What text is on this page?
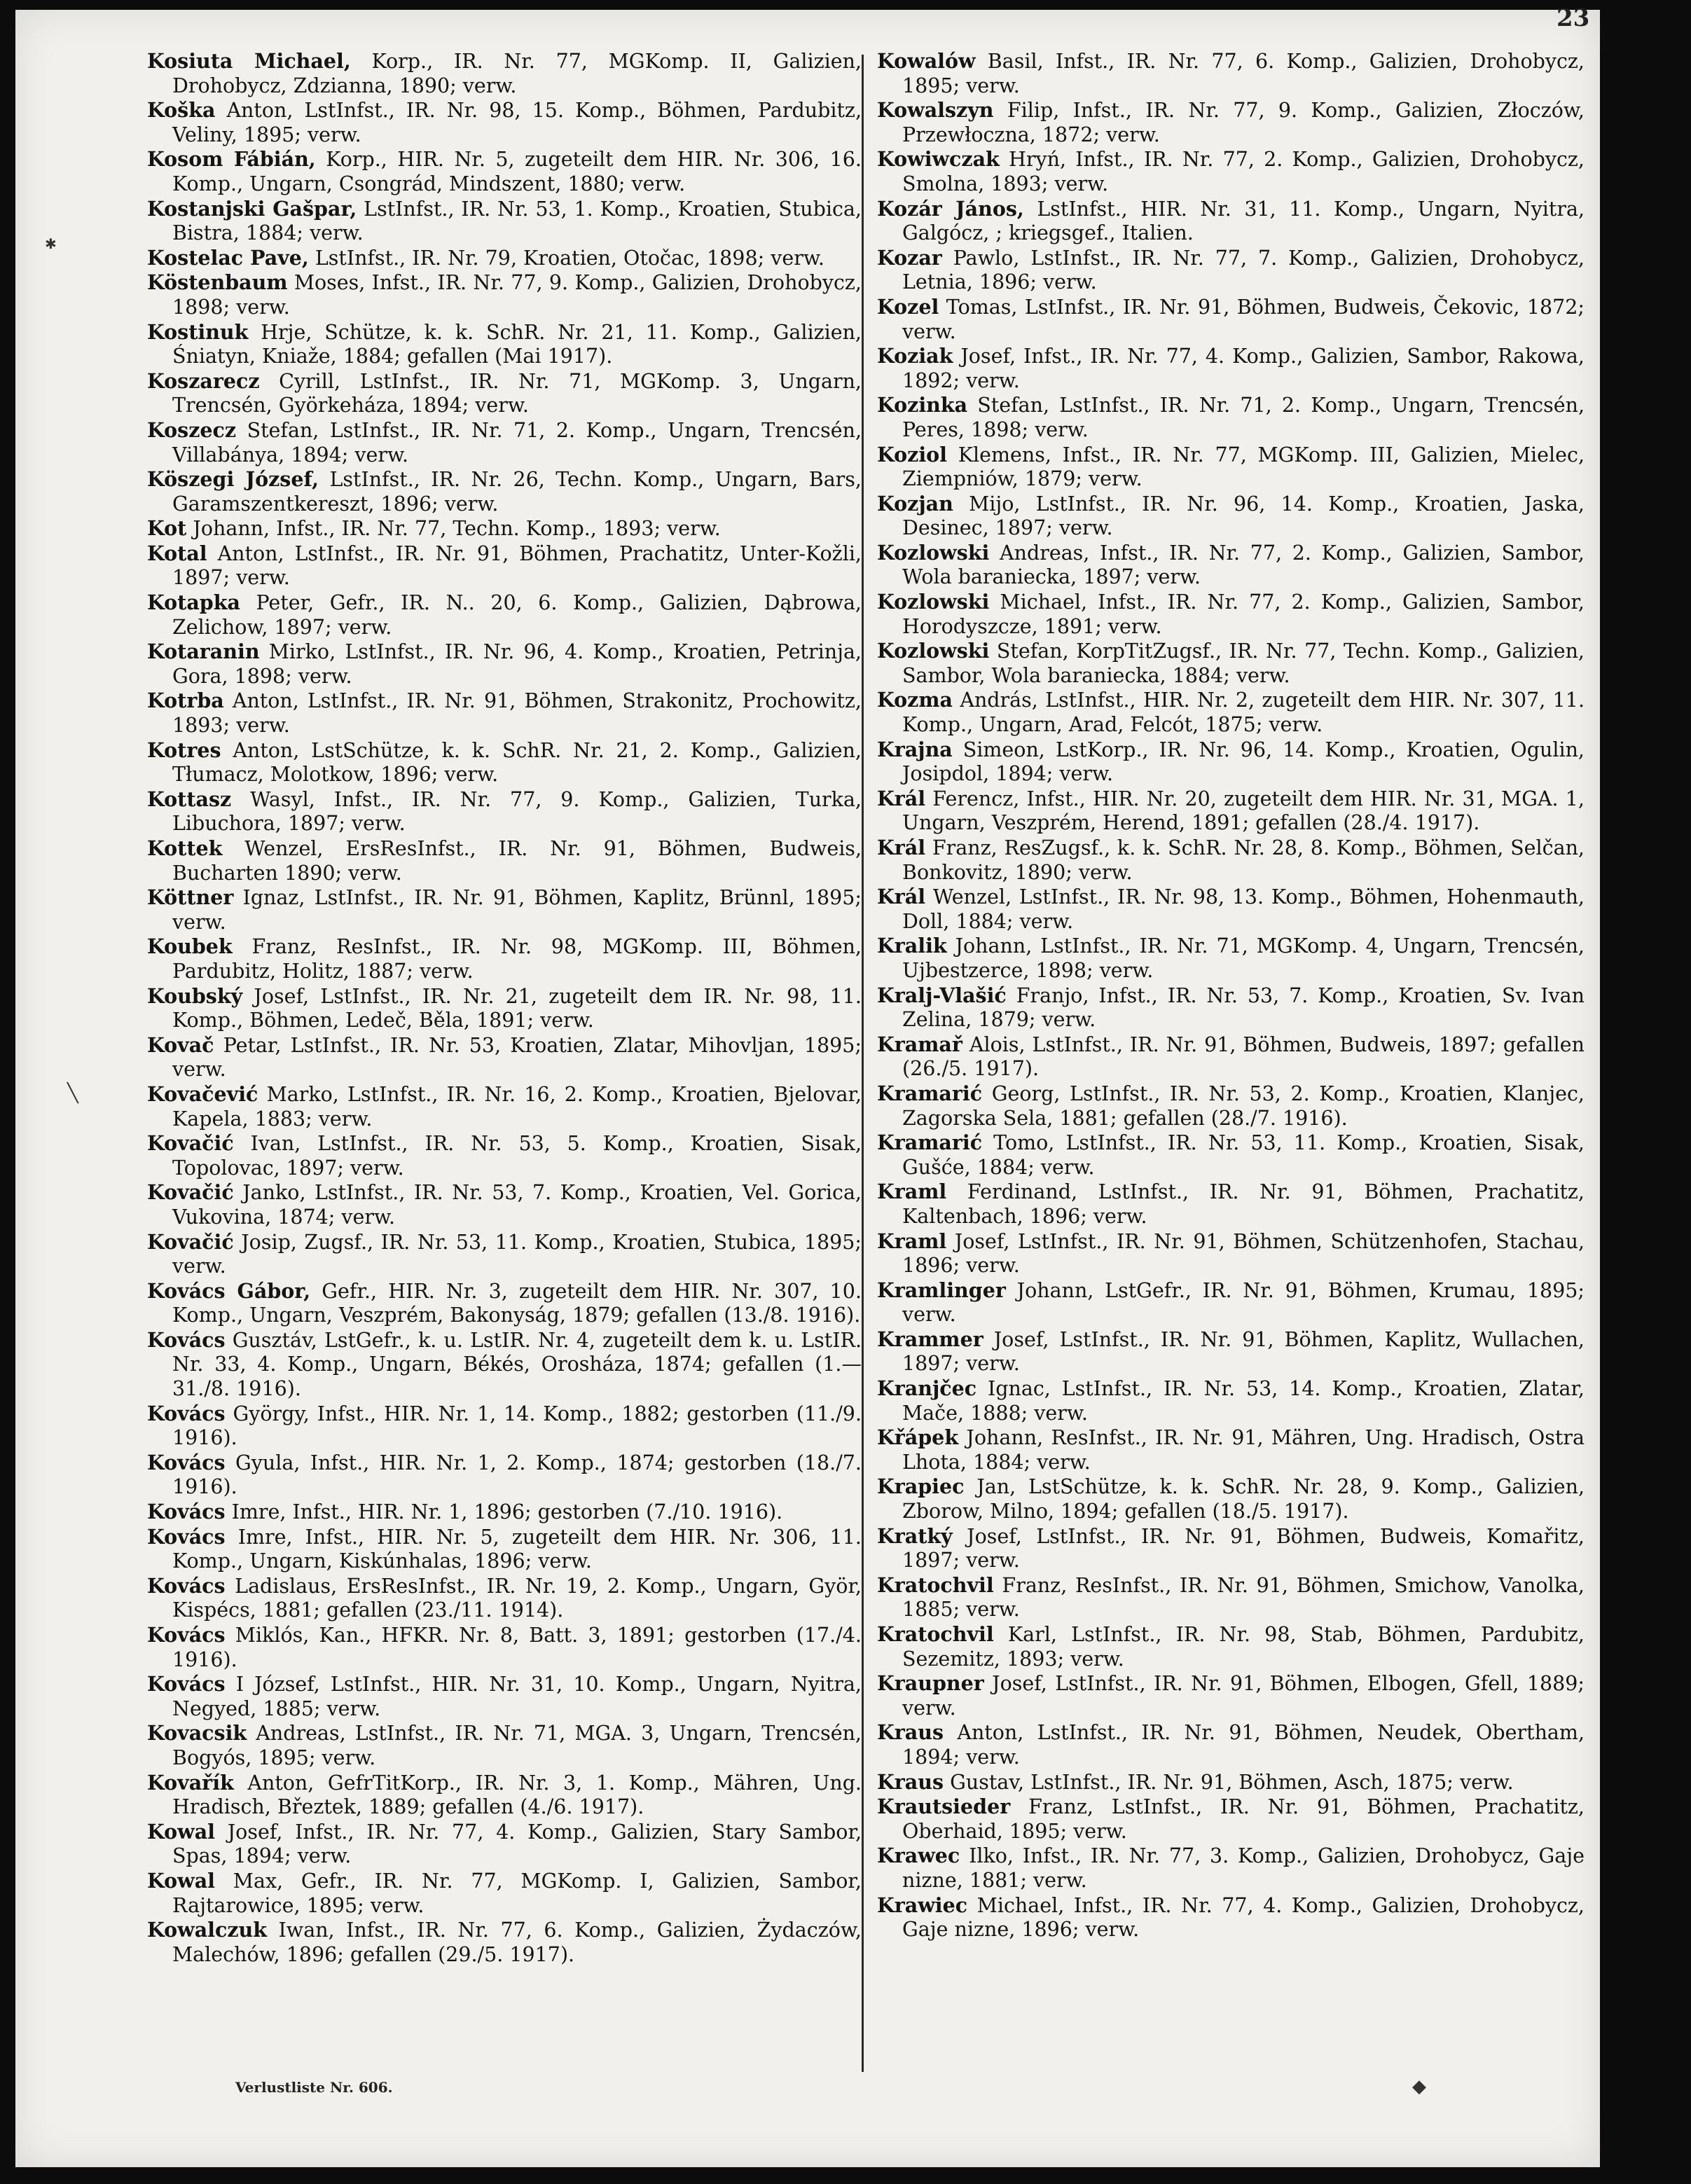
23
Kosiuta Michael, Korp., IR. Nr. 77, MGKomp. II, Galizien, Drohobycz, Zdzianna, 1890; verw.
Koška Anton, LstInfst., IR. Nr. 98, 15. Komp., Böhmen, Pardubitz, Veliny, 1895; verw.
Kosom Fábián, Korp., HIR. Nr. 5, zugeteilt dem HIR. Nr. 306, 16. Komp., Ungarn, Csongrád, Mindszent, 1880; verw.
Kostanjski Gašpar, LstInfst., IR. Nr. 53, 1. Komp., Kroatien, Stubica, Bistra, 1884; verw.
Kostelac Pave, LstInfst., IR. Nr. 79, Kroatien, Otočac, 1898; verw.
Köstenbaum Moses, Infst., IR. Nr. 77, 9. Komp., Galizien, Drohobycz, 1898; verw.
Kostinuk Hrje, Schütze, k. k. SchR. Nr. 21, 11. Komp., Galizien, Śniatyn, Kniaže, 1884; gefallen (Mai 1917).
Koszarecz Cyrill, LstInfst., IR. Nr. 71, MGKomp. 3, Ungarn, Trencsén, Györkeháza, 1894; verw.
Koszecz Stefan, LstInfst., IR. Nr. 71, 2. Komp., Ungarn, Trencsén, Villabánya, 1894; verw.
Köszegi József, LstInfst., IR. Nr. 26, Techn. Komp., Ungarn, Bars, Garamszentkereszt, 1896; verw.
Kot Johann, Infst., IR. Nr. 77, Techn. Komp., 1893; verw.
Kotal Anton, LstInfst., IR. Nr. 91, Böhmen, Prachatitz, Unter-Kožli, 1897; verw.
Kotapka Peter, Gefr., IR. N.. 20, 6. Komp., Galizien, Dąbrowa, Zelichow, 1897; verw.
Kotaranin Mirko, LstInfst., IR. Nr. 96, 4. Komp., Kroatien, Petrinja, Gora, 1898; verw.
Kotrba Anton, LstInfst., IR. Nr. 91, Böhmen, Strakonitz, Prochowitz, 1893; verw.
Kotres Anton, LstSchütze, k. k. SchR. Nr. 21, 2. Komp., Galizien, Tłumacz, Molotkow, 1896; verw.
Kottasz Wasyl, Infst., IR. Nr. 77, 9. Komp., Galizien, Turka, Libuchora, 1897; verw.
Kottek Wenzel, ErsResInfst., IR. Nr. 91, Böhmen, Budweis, Bucharten 1890; verw.
Köttner Ignaz, LstInfst., IR. Nr. 91, Böhmen, Kaplitz, Brünnl, 1895; verw.
Koubek Franz, ResInfst., IR. Nr. 98, MGKomp. III, Böhmen, Pardubitz, Holitz, 1887; verw.
Koubský Josef, LstInfst., IR. Nr. 21, zugeteilt dem IR. Nr. 98, 11. Komp., Böhmen, Ledeč, Běla, 1891; verw.
Kovač Petar, LstInfst., IR. Nr. 53, Kroatien, Zlatar, Mihovljan, 1895; verw.
Kovačević Marko, LstInfst., IR. Nr. 16, 2. Komp., Kroatien, Bjelovar, Kapela, 1883; verw.
Kovačić Ivan, LstInfst., IR. Nr. 53, 5. Komp., Kroatien, Sisak, Topolovac, 1897; verw.
Kovačić Janko, LstInfst., IR. Nr. 53, 7. Komp., Kroatien, Vel. Gorica, Vukovina, 1874; verw.
Kovačić Josip, Zugsf., IR. Nr. 53, 11. Komp., Kroatien, Stubica, 1895; verw.
Kovács Gábor, Gefr., HIR. Nr. 3, zugeteilt dem HIR. Nr. 307, 10. Komp., Ungarn, Veszprém, Bakonyság, 1879; gefallen (13./8. 1916).
Kovács Gusztáv, LstGefr., k. u. LstIR. Nr. 4, zugeteilt dem k. u. LstIR. Nr. 33, 4. Komp., Ungarn, Békés, Orosháza, 1874; gefallen (1.—31./8. 1916).
Kovács György, Infst., HIR. Nr. 1, 14. Komp., 1882; gestorben (11./9. 1916).
Kovács Gyula, Infst., HIR. Nr. 1, 2. Komp., 1874; gestorben (18./7. 1916).
Kovács Imre, Infst., HIR. Nr. 1, 1896; gestorben (7./10. 1916).
Kovács Imre, Infst., HIR. Nr. 5, zugeteilt dem HIR. Nr. 306, 11. Komp., Ungarn, Kiskúnhalas, 1896; verw.
Kovács Ladislaus, ErsResInfst., IR. Nr. 19, 2. Komp., Ungarn, Györ, Kispécs, 1881; gefallen (23./11. 1914).
Kovács Miklós, Kan., HFKR. Nr. 8, Batt. 3, 1891; gestorben (17./4. 1916).
Kovács I József, LstInfst., HIR. Nr. 31, 10. Komp., Ungarn, Nyitra, Negyed, 1885; verw.
Kovacsik Andreas, LstInfst., IR. Nr. 71, MGA. 3, Ungarn, Trencsén, Bogyós, 1895; verw.
Kovařík Anton, GefrTitKorp., IR. Nr. 3, 1. Komp., Mähren, Ung. Hradisch, Březtek, 1889; gefallen (4./6. 1917).
Kowal Josef, Infst., IR. Nr. 77, 4. Komp., Galizien, Stary Sambor, Spas, 1894; verw.
Kowal Max, Gefr., IR. Nr. 77, MGKomp. I, Galizien, Sambor, Rajtarowice, 1895; verw.
Kowalczuk Iwan, Infst., IR. Nr. 77, 6. Komp., Galizien, Żydaczów, Malechów, 1896; gefallen (29./5. 1917).
Kowalów Basil, Infst., IR. Nr. 77, 6. Komp., Galizien, Drohobycz, 1895; verw.
Kowalszyn Filip, Infst., IR. Nr. 77, 9. Komp., Galizien, Złoczów, Przewłoczna, 1872; verw.
Kowiwczak Hryń, Infst., IR. Nr. 77, 2. Komp., Galizien, Drohobycz, Smolna, 1893; verw.
Kozár János, LstInfst., HIR. Nr. 31, 11. Komp., Ungarn, Nyitra, Galgócz, ; kriegsgef., Italien.
Kozar Pawlo, LstInfst., IR. Nr. 77, 7. Komp., Galizien, Drohobycz, Letnia, 1896; verw.
Kozel Tomas, LstInfst., IR. Nr. 91, Böhmen, Budweis, Čekovic, 1872; verw.
Koziak Josef, Infst., IR. Nr. 77, 4. Komp., Galizien, Sambor, Rakowa, 1892; verw.
Kozinka Stefan, LstInfst., IR. Nr. 71, 2. Komp., Ungarn, Trencsén, Peres, 1898; verw.
Koziol Klemens, Infst., IR. Nr. 77, MGKomp. III, Galizien, Mielec, Ziempniów, 1879; verw.
Kozjan Mijo, LstInfst., IR. Nr. 96, 14. Komp., Kroatien, Jaska, Desinec, 1897; verw.
Kozlowski Andreas, Infst., IR. Nr. 77, 2. Komp., Galizien, Sambor, Wola baraniecka, 1897; verw.
Kozlowski Michael, Infst., IR. Nr. 77, 2. Komp., Galizien, Sambor, Horodyszcze, 1891; verw.
Kozlowski Stefan, KorpTitZugsf., IR. Nr. 77, Techn. Komp., Galizien, Sambor, Wola baraniecka, 1884; verw.
Kozma András, LstInfst., HIR. Nr. 2, zugeteilt dem HIR. Nr. 307, 11. Komp., Ungarn, Arad, Felcót, 1875; verw.
Krajna Simeon, LstKorp., IR. Nr. 96, 14. Komp., Kroatien, Ogulin, Josipdol, 1894; verw.
Král Ferencz, Infst., HIR. Nr. 20, zugeteilt dem HIR. Nr. 31, MGA. 1, Ungarn, Veszprém, Herend, 1891; gefallen (28./4. 1917).
Král Franz, ResZugsf., k. k. SchR. Nr. 28, 8. Komp., Böhmen, Selčan, Bonkovitz, 1890; verw.
Král Wenzel, LstInfst., IR. Nr. 98, 13. Komp., Böhmen, Hohenmauth, Doll, 1884; verw.
Kralik Johann, LstInfst., IR. Nr. 71, MGKomp. 4, Ungarn, Trencsén, Ujbestzerce, 1898; verw.
Kralj-Vlašić Franjo, Infst., IR. Nr. 53, 7. Komp., Kroatien, Sv. Ivan Zelina, 1879; verw.
Kramař Alois, LstInfst., IR. Nr. 91, Böhmen, Budweis, 1897; gefallen (26./5. 1917).
Kramarić Georg, LstInfst., IR. Nr. 53, 2. Komp., Kroatien, Klanjec, Zagorska Sela, 1881; gefallen (28./7. 1916).
Kramarić Tomo, LstInfst., IR. Nr. 53, 11. Komp., Kroatien, Sisak, Gušće, 1884; verw.
Kraml Ferdinand, LstInfst., IR. Nr. 91, Böhmen, Prachatitz, Kaltenbach, 1896; verw.
Kraml Josef, LstInfst., IR. Nr. 91, Böhmen, Schützenhofen, Stachau, 1896; verw.
Kramlinger Johann, LstGefr., IR. Nr. 91, Böhmen, Krumau, 1895; verw.
Krammer Josef, LstInfst., IR. Nr. 91, Böhmen, Kaplitz, Wullachen, 1897; verw.
Kranjčec Ignac, LstInfst., IR. Nr. 53, 14. Komp., Kroatien, Zlatar, Mače, 1888; verw.
Křápek Johann, ResInfst., IR. Nr. 91, Mähren, Ung. Hradisch, Ostra Lhota, 1884; verw.
Krapiec Jan, LstSchütze, k. k. SchR. Nr. 28, 9. Komp., Galizien, Zborow, Milno, 1894; gefallen (18./5. 1917).
Kratký Josef, LstInfst., IR. Nr. 91, Böhmen, Budweis, Komařitz, 1897; verw.
Kratochvil Franz, ResInfst., IR. Nr. 91, Böhmen, Smichow, Vanolka, 1885; verw.
Kratochvil Karl, LstInfst., IR. Nr. 98, Stab, Böhmen, Pardubitz, Sezemitz, 1893; verw.
Kraupner Josef, LstInfst., IR. Nr. 91, Böhmen, Elbogen, Gfell, 1889; verw.
Kraus Anton, LstInfst., IR. Nr. 91, Böhmen, Neudek, Obertham, 1894; verw.
Kraus Gustav, LstInfst., IR. Nr. 91, Böhmen, Asch, 1875; verw.
Krautsieder Franz, LstInfst., IR. Nr. 91, Böhmen, Prachatitz, Oberhaid, 1895; verw.
Krawec Ilko, Infst., IR. Nr. 77, 3. Komp., Galizien, Drohobycz, Gaje nizne, 1881; verw.
Krawiec Michael, Infst., IR. Nr. 77, 4. Komp., Galizien, Drohobycz, Gaje nizne, 1896; verw.
Verlustliste Nr. 606.
✱
╲
◆
